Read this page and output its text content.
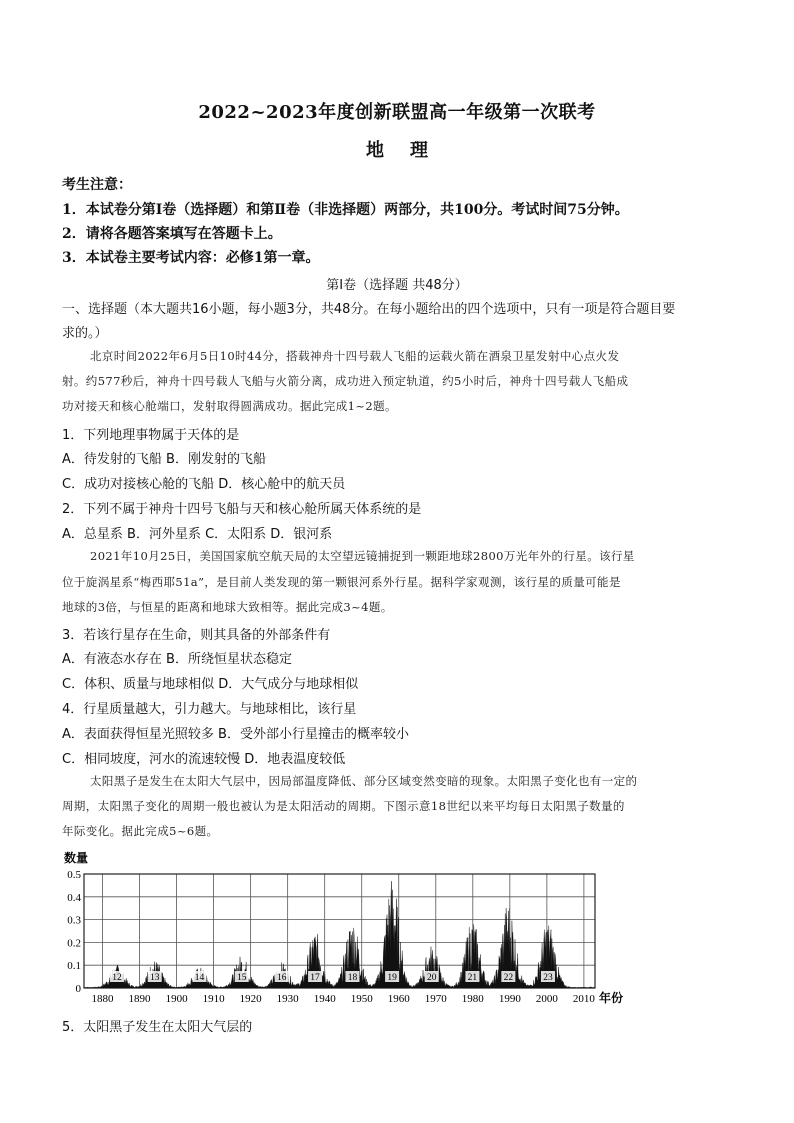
2022~2023年度创新联盟高一年级第一次联考
地理
考生注意：
1．本试卷分第Ⅰ卷（选择题）和第Ⅱ卷（非选择题）两部分，共100分。考试时间75分钟。
2．请将各题答案填写在答题卡上。
3．本试卷主要考试内容：必修1第一章。
第Ⅰ卷（选择题 共48分）
一、选择题（本大题共16小题，每小题3分，共48分。在每小题给出的四个选项中，只有一项是符合题目要
求的。）
北京时间2022年6月5日10时44分，搭载神舟十四号载人飞船的运载火箭在酒泉卫星发射中心点火发
射。约577秒后，神舟十四号载人飞船与火箭分离，成功进入预定轨道，约5小时后，神舟十四号载人飞船成
功对接天和核心舱端口，发射取得圆满成功。据此完成1~2题。
1．下列地理事物属于天体的是
A．待发射的飞船 B．刚发射的飞船
C．成功对接核心舱的飞船 D．核心舱中的航天员
2．下列不属于神舟十四号飞船与天和核心舱所属天体系统的是
A．总星系 B．河外星系 C．太阳系 D．银河系
2021年10月25日，美国国家航空航天局的太空望远镜捕捉到一颗距地球2800万光年外的行星。该行星
位于旋涡星系“梅西耶51a”，是目前人类发现的第一颗银河系外行星。据科学家观测，该行星的质量可能是
地球的3倍，与恒星的距离和地球大致相等。据此完成3~4题。
3．若该行星存在生命，则其具备的外部条件有
A．有液态水存在 B．所绕恒星状态稳定
C．体积、质量与地球相似 D．大气成分与地球相似
4．行星质量越大，引力越大。与地球相比，该行星
A．表面获得恒星光照较多 B．受外部小行星撞击的概率较小
C．相同坡度，河水的流速较慢 D．地表温度较低
太阳黑子是发生在太阳大气层中，因局部温度降低、部分区域变然变暗的现象。太阳黑子变化也有一定的
周期，太阳黑子变化的周期一般也被认为是太阳活动的周期。下图示意18世纪以来平均每日太阳黑子数量的
年际变化。据此完成5~6题。
数量
0
0.1
0.2
0.3
0.4
0.5
1880 1890 1900 1910 1920 1930 1940 1950 1960 1970 1980 1990 2000 2010 年份
12	13	14	15	16	17	18	19	20	21	22	23
5．太阳黑子发生在太阳大气层的
